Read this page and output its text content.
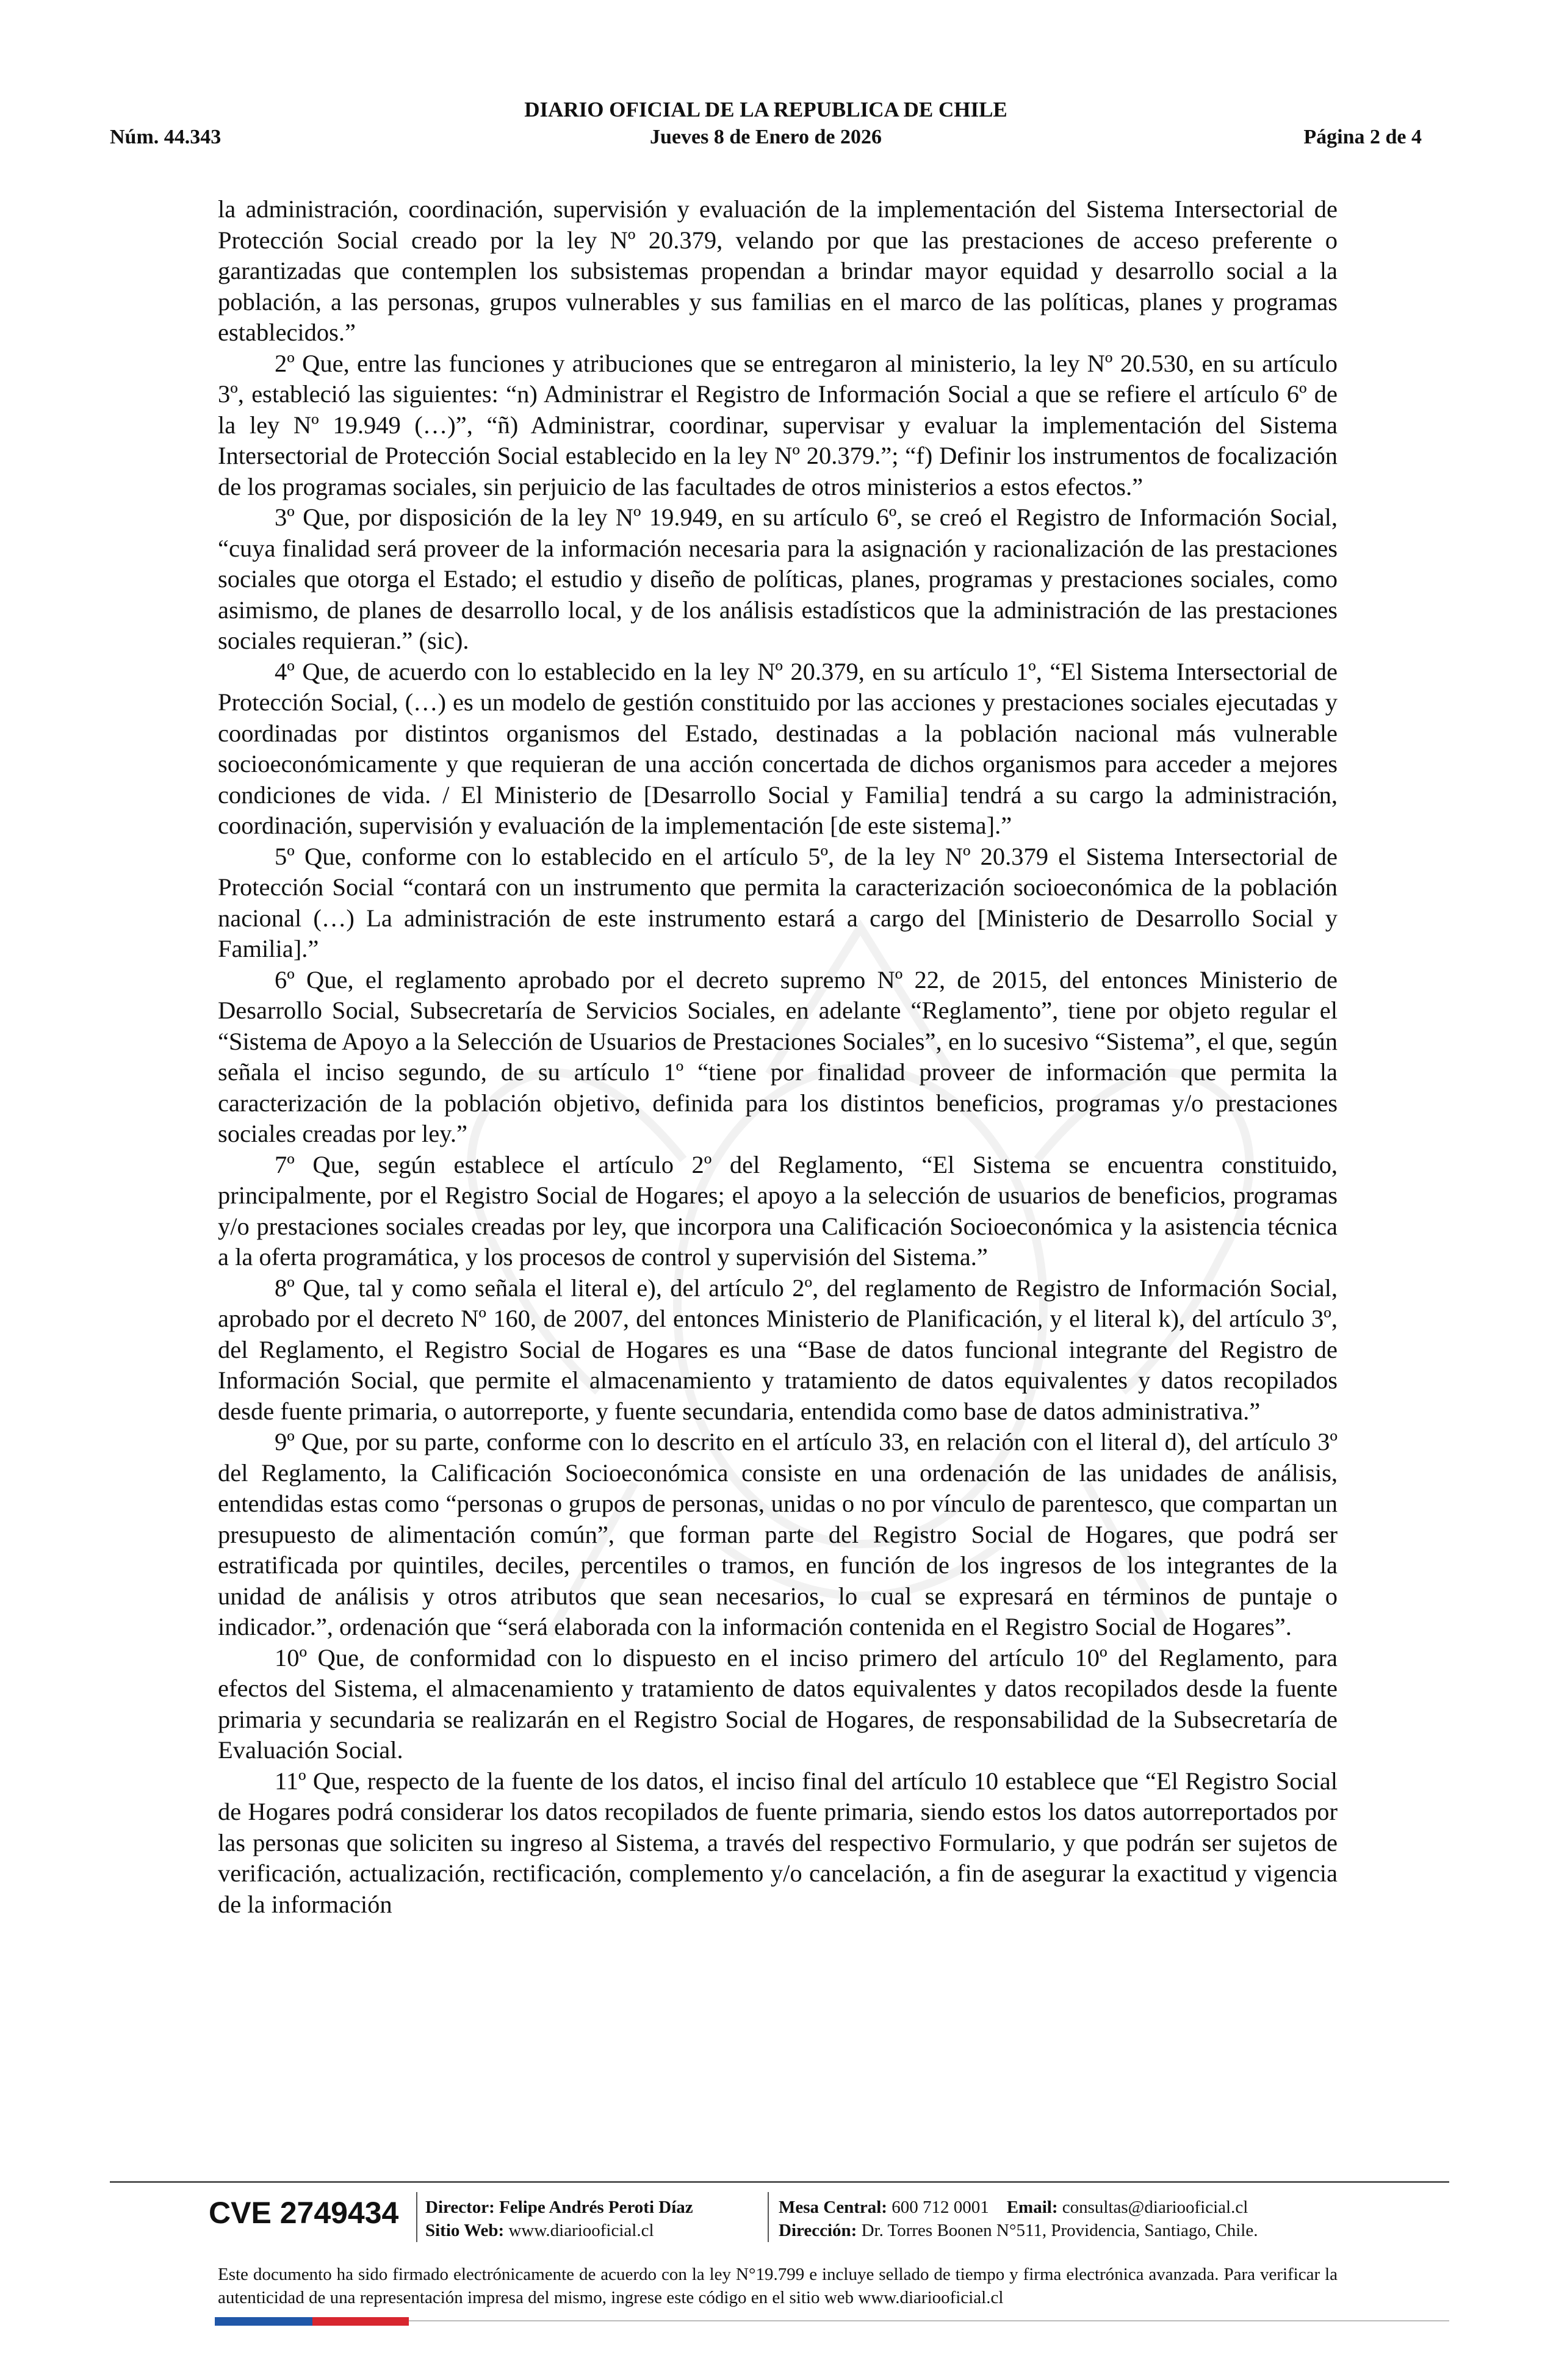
DIARIO OFICIAL DE LA REPUBLICA DE CHILE
Núm. 44.343	Jueves 8 de Enero de 2026	Página 2 de 4

la administración, coordinación, supervisión y evaluación de la implementación del Sistema Intersectorial de Protección Social creado por la ley Nº 20.379, velando por que las prestaciones de acceso preferente o garantizadas que contemplen los subsistemas propendan a brindar mayor equidad y desarrollo social a la población, a las personas, grupos vulnerables y sus familias en el marco de las políticas, planes y programas establecidos.”

2º Que, entre las funciones y atribuciones que se entregaron al ministerio, la ley Nº 20.530, en su artículo 3º, estableció las siguientes: “n) Administrar el Registro de Información Social a que se refiere el artículo 6º de la ley Nº 19.949 (…)”, “ñ) Administrar, coordinar, supervisar y evaluar la implementación del Sistema Intersectorial de Protección Social establecido en la ley Nº 20.379.”; “f) Definir los instrumentos de focalización de los programas sociales, sin perjuicio de las facultades de otros ministerios a estos efectos.”

3º Que, por disposición de la ley Nº 19.949, en su artículo 6º, se creó el Registro de Información Social, “cuya finalidad será proveer de la información necesaria para la asignación y racionalización de las prestaciones sociales que otorga el Estado; el estudio y diseño de políticas, planes, programas y prestaciones sociales, como asimismo, de planes de desarrollo local, y de los análisis estadísticos que la administración de las prestaciones sociales requieran.” (sic).

4º Que, de acuerdo con lo establecido en la ley Nº 20.379, en su artículo 1º, “El Sistema Intersectorial de Protección Social, (…) es un modelo de gestión constituido por las acciones y prestaciones sociales ejecutadas y coordinadas por distintos organismos del Estado, destinadas a la población nacional más vulnerable socioeconómicamente y que requieran de una acción concertada de dichos organismos para acceder a mejores condiciones de vida. / El Ministerio de [Desarrollo Social y Familia] tendrá a su cargo la administración, coordinación, supervisión y evaluación de la implementación [de este sistema].”

5º Que, conforme con lo establecido en el artículo 5º, de la ley Nº 20.379 el Sistema Intersectorial de Protección Social “contará con un instrumento que permita la caracterización socioeconómica de la población nacional (…) La administración de este instrumento estará a cargo del [Ministerio de Desarrollo Social y Familia].”

6º Que, el reglamento aprobado por el decreto supremo Nº 22, de 2015, del entonces Ministerio de Desarrollo Social, Subsecretaría de Servicios Sociales, en adelante “Reglamento”, tiene por objeto regular el “Sistema de Apoyo a la Selección de Usuarios de Prestaciones Sociales”, en lo sucesivo “Sistema”, el que, según señala el inciso segundo, de su artículo 1º “tiene por finalidad proveer de información que permita la caracterización de la población objetivo, definida para los distintos beneficios, programas y/o prestaciones sociales creadas por ley.”

7º Que, según establece el artículo 2º del Reglamento, “El Sistema se encuentra constituido, principalmente, por el Registro Social de Hogares; el apoyo a la selección de usuarios de beneficios, programas y/o prestaciones sociales creadas por ley, que incorpora una Calificación Socioeconómica y la asistencia técnica a la oferta programática, y los procesos de control y supervisión del Sistema.”

8º Que, tal y como señala el literal e), del artículo 2º, del reglamento de Registro de Información Social, aprobado por el decreto Nº 160, de 2007, del entonces Ministerio de Planificación, y el literal k), del artículo 3º, del Reglamento, el Registro Social de Hogares es una “Base de datos funcional integrante del Registro de Información Social, que permite el almacenamiento y tratamiento de datos equivalentes y datos recopilados desde fuente primaria, o autorreporte, y fuente secundaria, entendida como base de datos administrativa.”

9º Que, por su parte, conforme con lo descrito en el artículo 33, en relación con el literal d), del artículo 3º del Reglamento, la Calificación Socioeconómica consiste en una ordenación de las unidades de análisis, entendidas estas como “personas o grupos de personas, unidas o no por vínculo de parentesco, que compartan un presupuesto de alimentación común”, que forman parte del Registro Social de Hogares, que podrá ser estratificada por quintiles, deciles, percentiles o tramos, en función de los ingresos de los integrantes de la unidad de análisis y otros atributos que sean necesarios, lo cual se expresará en términos de puntaje o indicador.”, ordenación que “será elaborada con la información contenida en el Registro Social de Hogares”.

10º Que, de conformidad con lo dispuesto en el inciso primero del artículo 10º del Reglamento, para efectos del Sistema, el almacenamiento y tratamiento de datos equivalentes y datos recopilados desde la fuente primaria y secundaria se realizarán en el Registro Social de Hogares, de responsabilidad de la Subsecretaría de Evaluación Social.

11º Que, respecto de la fuente de los datos, el inciso final del artículo 10 establece que “El Registro Social de Hogares podrá considerar los datos recopilados de fuente primaria, siendo estos los datos autorreportados por las personas que soliciten su ingreso al Sistema, a través del respectivo Formulario, y que podrán ser sujetos de verificación, actualización, rectificación, complemento y/o cancelación, a fin de asegurar la exactitud y vigencia de la información

CVE 2749434 Director: Felipe Andrés Peroti Díaz
Sitio Web: www.diariooficial.cl
Mesa Central: 600 712 0001 Email: consultas@diariooficial.cl
Dirección: Dr. Torres Boonen N°511, Providencia, Santiago, Chile.
Este documento ha sido firmado electrónicamente de acuerdo con la ley N°19.799 e incluye sellado de tiempo y firma electrónica avanzada. Para verificar la autenticidad de una representación impresa del mismo, ingrese este código en el sitio web www.diariooficial.cl
